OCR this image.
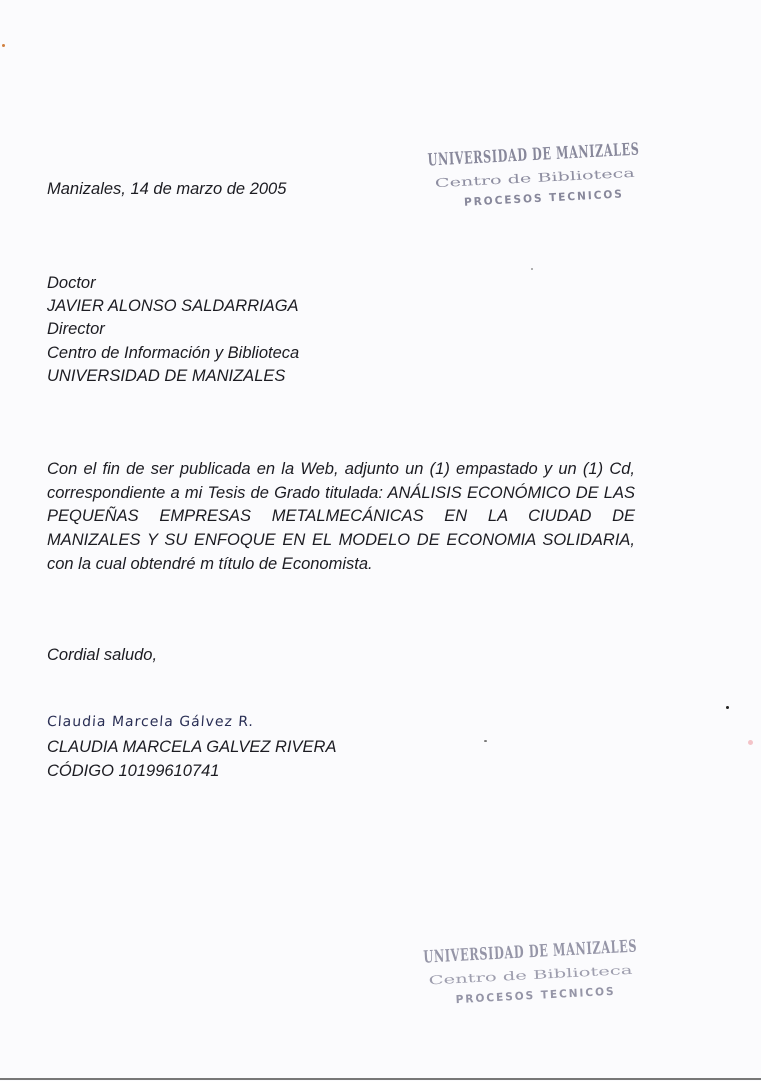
UNIVERSIDAD DE MANIZALES
Centro de Biblioteca
PROCESOS TECNICOS
Manizales, 14 de marzo de 2005
Doctor
JAVIER ALONSO SALDARRIAGA
Director
Centro de Información y Biblioteca
UNIVERSIDAD DE MANIZALES
Con el fin de ser publicada en la Web, adjunto un (1) empastado y un (1) Cd, correspondiente a mi Tesis de Grado titulada: ANÁLISIS ECONÓMICO DE LAS PEQUEÑAS EMPRESAS METALMECÁNICAS EN LA CIUDAD DE MANIZALES Y SU ENFOQUE EN EL MODELO DE ECONOMIA SOLIDARIA, con la cual obtendré m título de Economista.
Cordial saludo,
Claudia Marcela Gálvez R.
CLAUDIA MARCELA GALVEZ RIVERA
CÓDIGO 10199610741
UNIVERSIDAD DE MANIZALES
Centro de Biblioteca
PROCESOS TECNICOS
